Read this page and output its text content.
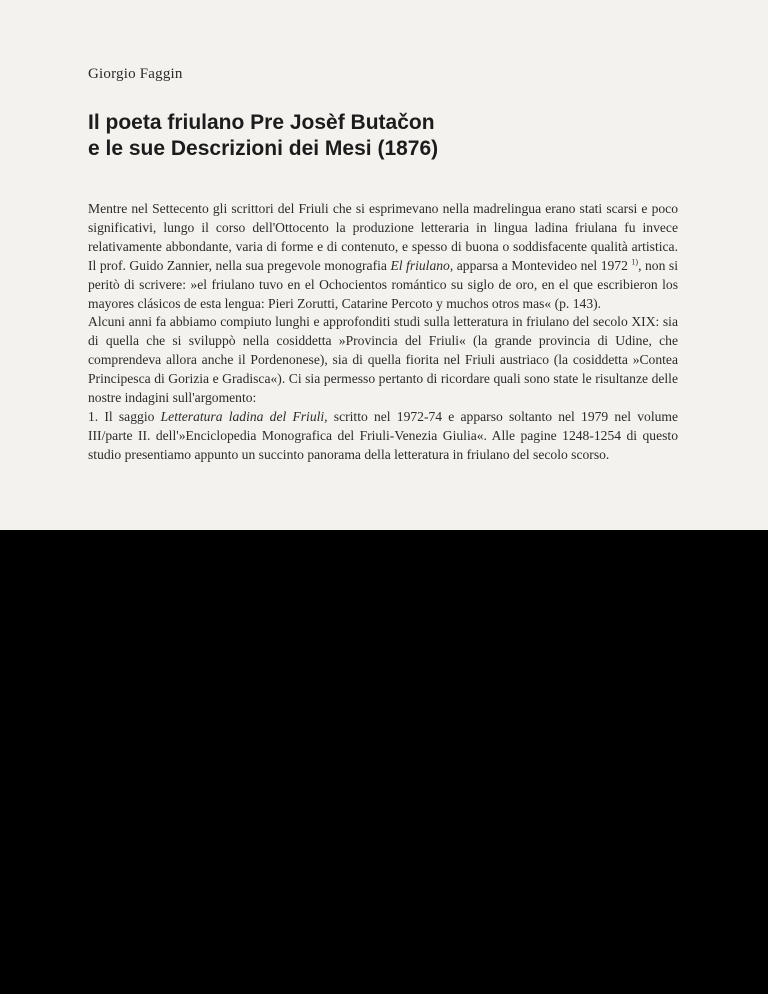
Giorgio Faggin
Il poeta friulano Pre Josèf Butačon
e le sue Descrizioni dei Mesi (1876)

Mentre nel Settecento gli scrittori del Friuli che si esprimevano nella madrelingua erano stati scarsi e poco significativi, lungo il corso dell'Ottocento la produzione letteraria in lingua ladina friulana fu invece relativamente abbondante, varia di forme e di contenuto, e spesso di buona o soddisfacente qualità artistica. Il prof. Guido Zannier, nella sua pregevole monografia El friulano, apparsa a Montevideo nel 1972 $^{1)}$, non si peritò di scrivere: »el friulano tuvo en el Ochocientos romántico su siglo de oro, en el que escribieron los mayores clásicos de esta lengua: Pieri Zorutti, Catarine Percoto y muchos otros mas« (p. 143).

Alcuni anni fa abbiamo compiuto lunghi e approfonditi studi sulla letteratura in friulano del secolo XIX: sia di quella che si sviluppò nella cosiddetta »Provincia del Friuli« (la grande provincia di Udine, che comprendeva allora anche il Pordenonese), sia di quella fiorita nel Friuli austriaco (la cosiddetta »Contea Principesca di Gorizia e Gradisca«). Ci sia permesso pertanto di ricordare quali sono state le risultanze delle nostre indagini sull'argomento:

1. Il saggio Letteratura ladina del Friuli, scritto nel 1972-74 e apparso soltanto nel 1979 nel volume III/parte II. dell'»Enciclopedia Monografica del Friuli-Venezia Giulia«. Alle pagine 1248-1254 di questo studio presentiamo appunto un succinto panorama della letteratura in friulano del secolo scorso.
